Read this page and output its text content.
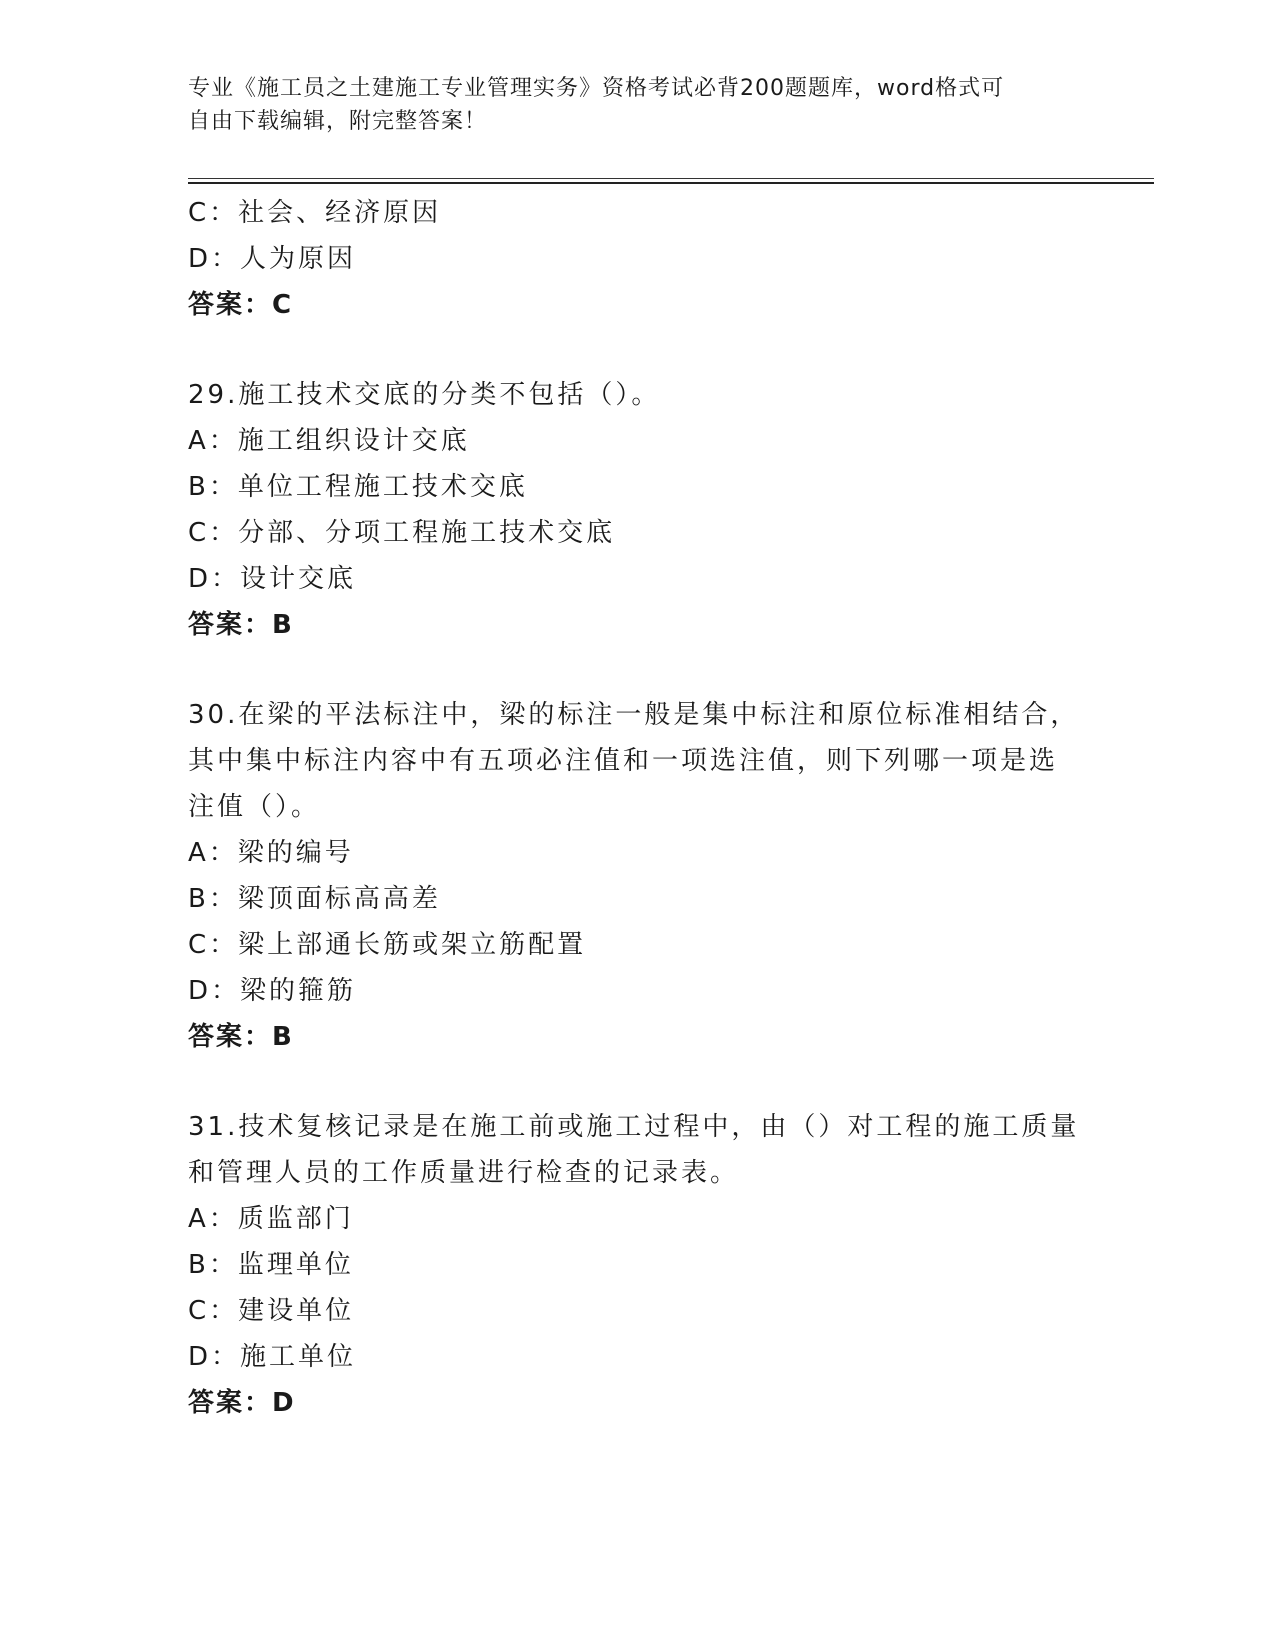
专业《施工员之土建施工专业管理实务》资格考试必背200题题库，word格式可
自由下载编辑，附完整答案！
C：社会、经济原因
D：人为原因
答案：C
29.施工技术交底的分类不包括（）。
A：施工组织设计交底
B：单位工程施工技术交底
C：分部、分项工程施工技术交底
D：设计交底
答案：B
30.在梁的平法标注中，梁的标注一般是集中标注和原位标准相结合，
其中集中标注内容中有五项必注值和一项选注值，则下列哪一项是选
注值（）。
A：梁的编号
B：梁顶面标高高差
C：梁上部通长筋或架立筋配置
D：梁的箍筋
答案：B
31.技术复核记录是在施工前或施工过程中，由（）对工程的施工质量
和管理人员的工作质量进行检查的记录表。
A：质监部门
B：监理单位
C：建设单位
D：施工单位
答案：D
